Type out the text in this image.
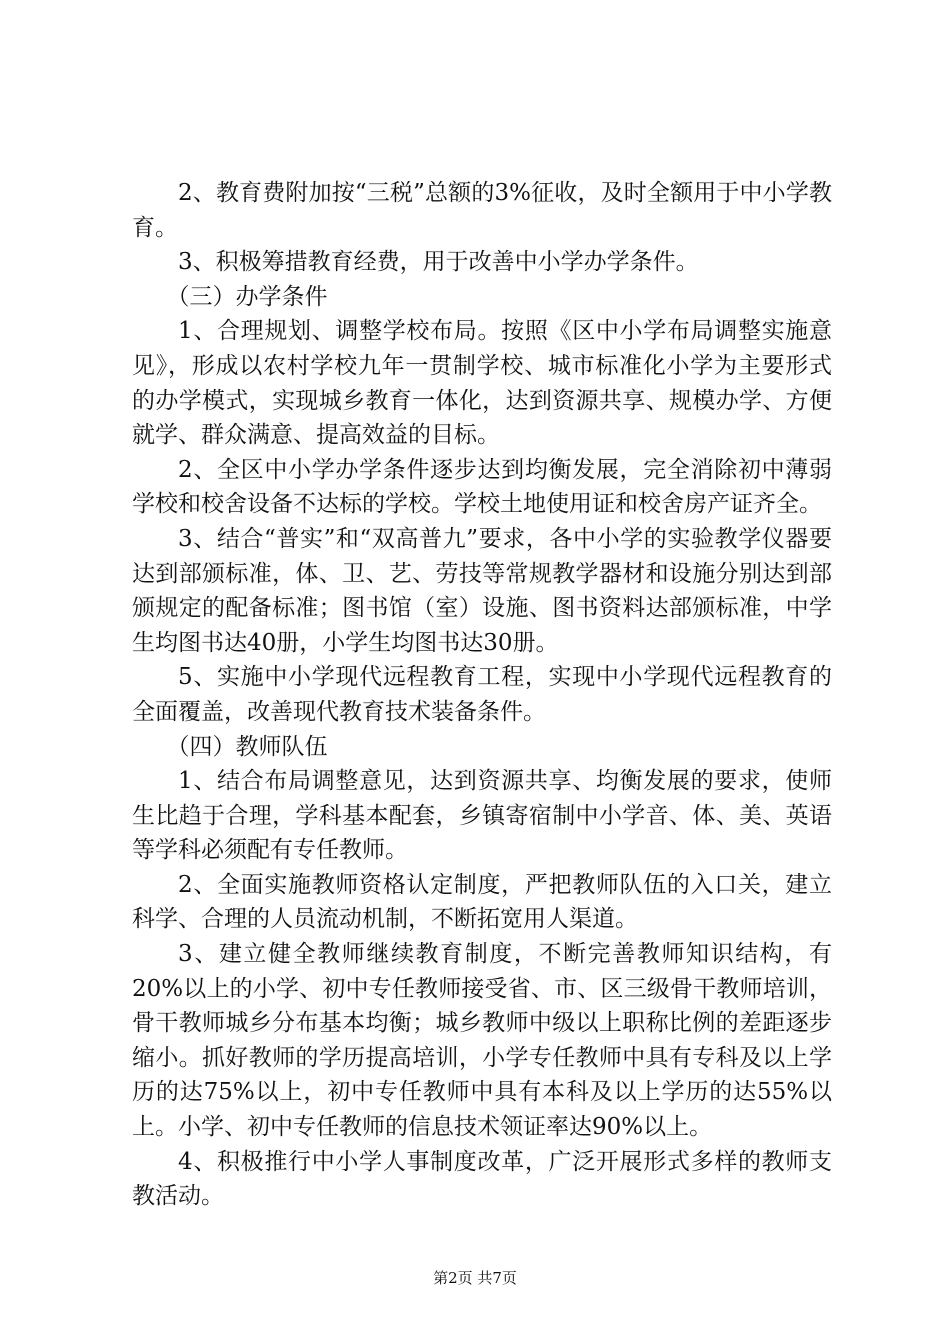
2、教育费附加按“三税”总额的3%征收，及时全额用于中小学教育。

3、积极筹措教育经费，用于改善中小学办学条件。

（三）办学条件

1、合理规划、调整学校布局。按照《区中小学布局调整实施意见》，形成以农村学校九年一贯制学校、城市标准化小学为主要形式的办学模式，实现城乡教育一体化，达到资源共享、规模办学、方便就学、群众满意、提高效益的目标。

2、全区中小学办学条件逐步达到均衡发展，完全消除初中薄弱学校和校舍设备不达标的学校。学校土地使用证和校舍房产证齐全。

3、结合“普实”和“双高普九”要求，各中小学的实验教学仪器要达到部颁标准，体、卫、艺、劳技等常规教学器材和设施分别达到部颁规定的配备标准；图书馆（室）设施、图书资料达部颁标准，中学生均图书达40册，小学生均图书达30册。

5、实施中小学现代远程教育工程，实现中小学现代远程教育的全面覆盖，改善现代教育技术装备条件。

（四）教师队伍

1、结合布局调整意见，达到资源共享、均衡发展的要求，使师生比趋于合理，学科基本配套，乡镇寄宿制中小学音、体、美、英语等学科必须配有专任教师。

2、全面实施教师资格认定制度，严把教师队伍的入口关，建立科学、合理的人员流动机制，不断拓宽用人渠道。

3、建立健全教师继续教育制度，不断完善教师知识结构，有20%以上的小学、初中专任教师接受省、市、区三级骨干教师培训，骨干教师城乡分布基本均衡；城乡教师中级以上职称比例的差距逐步缩小。抓好教师的学历提高培训，小学专任教师中具有专科及以上学历的达75%以上，初中专任教师中具有本科及以上学历的达55%以上。小学、初中专任教师的信息技术领证率达90%以上。

4、积极推行中小学人事制度改革，广泛开展形式多样的教师支教活动。

第2页 共7页
